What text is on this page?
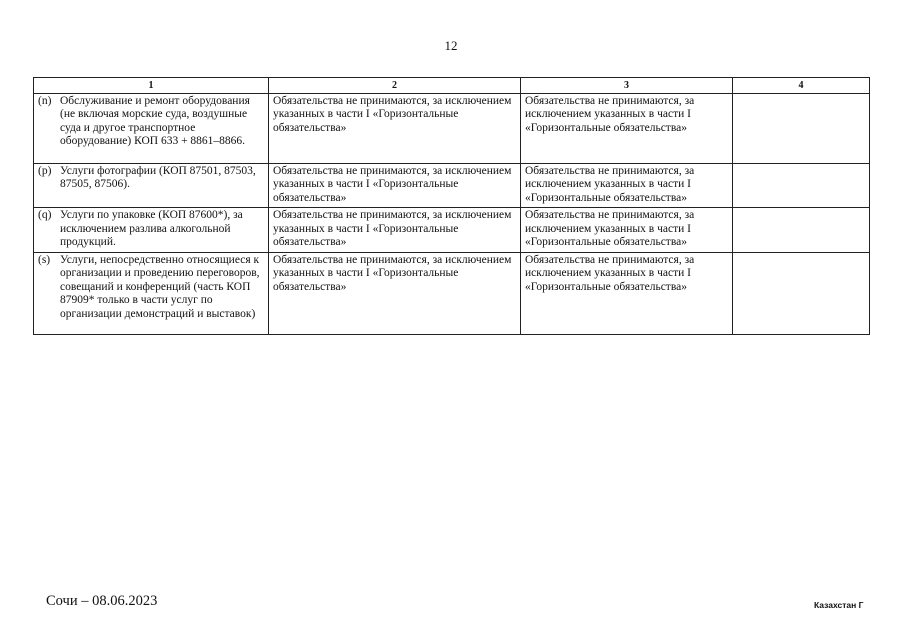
12
1	2	3	4

(n) Обслуживание и ремонт оборудования (не включая морские суда, воздушные суда и другое транспортное оборудование) КОП 633 + 8861–8866.	Обязательства не принимаются, за исключением указанных в части I «Горизонтальные обязательства»	Обязательства не принимаются, за исключением указанных в части I «Горизонтальные обязательства»	

(p) Услуги фотографии (КОП 87501, 87503, 87505, 87506).	Обязательства не принимаются, за исключением указанных в части I «Горизонтальные обязательства»	Обязательства не принимаются, за исключением указанных в части I «Горизонтальные обязательства»	

(q) Услуги по упаковке (КОП 87600*), за исключением разлива алкогольной продукций.	Обязательства не принимаются, за исключением указанных в части I «Горизонтальные обязательства»	Обязательства не принимаются, за исключением указанных в части I «Горизонтальные обязательства»	

(s) Услуги, непосредственно относящиеся к организации и проведению переговоров, совещаний и конференций (часть КОП 87909* только в части услуг по организации демонстраций и выставок)	Обязательства не принимаются, за исключением указанных в части I «Горизонтальные обязательства»	Обязательства не принимаются, за исключением указанных в части I «Горизонтальные обязательства»	
Сочи – 08.06.2023	Казахстан Г
